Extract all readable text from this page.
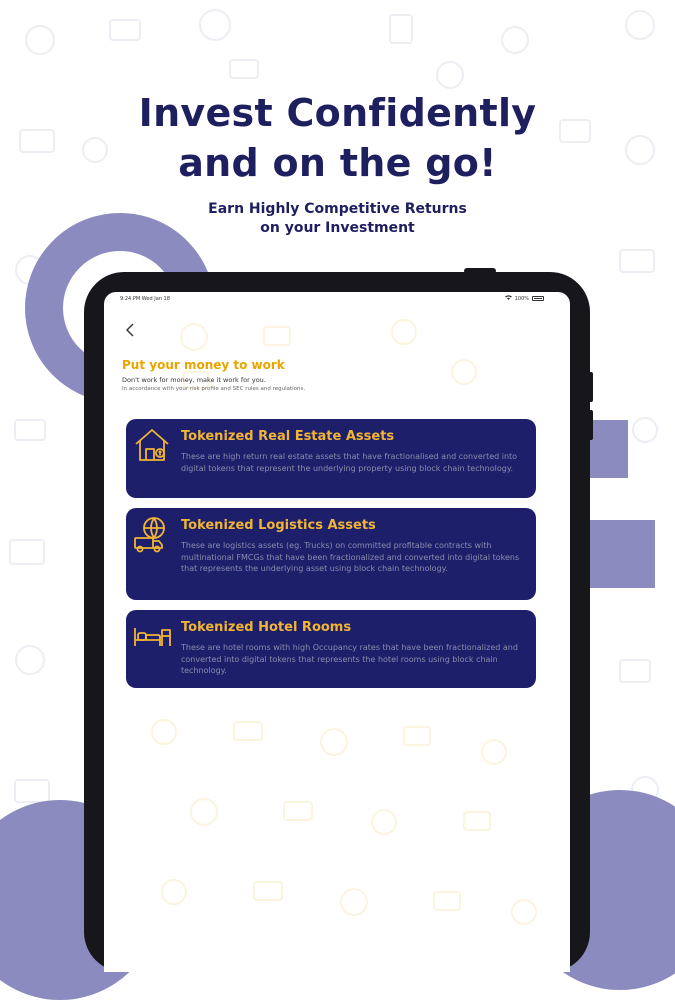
Invest Confidently
and on the go!

Earn Highly Competitive Returns
on your Investment

9:24 PM Wed Jan 18	100%

Put your money to work

Don't work for money, make it work for you.

In accordance with your risk profile and SEC rules and regulations.

Tokenized Real Estate Assets

These are high return real estate assets that have fractionalised and converted into digital tokens that represent the underlying property using block chain technology.

Tokenized Logistics Assets

These are logistics assets (eg. Trucks) on committed profitable contracts with multinational FMCGs that have been fractionalized and converted into digital tokens that represents the underlying asset using block chain technology.

Tokenized Hotel Rooms

These are hotel rooms with high Occupancy rates that have been fractionalized and converted into digital tokens that represents the hotel rooms using block chain technology.
